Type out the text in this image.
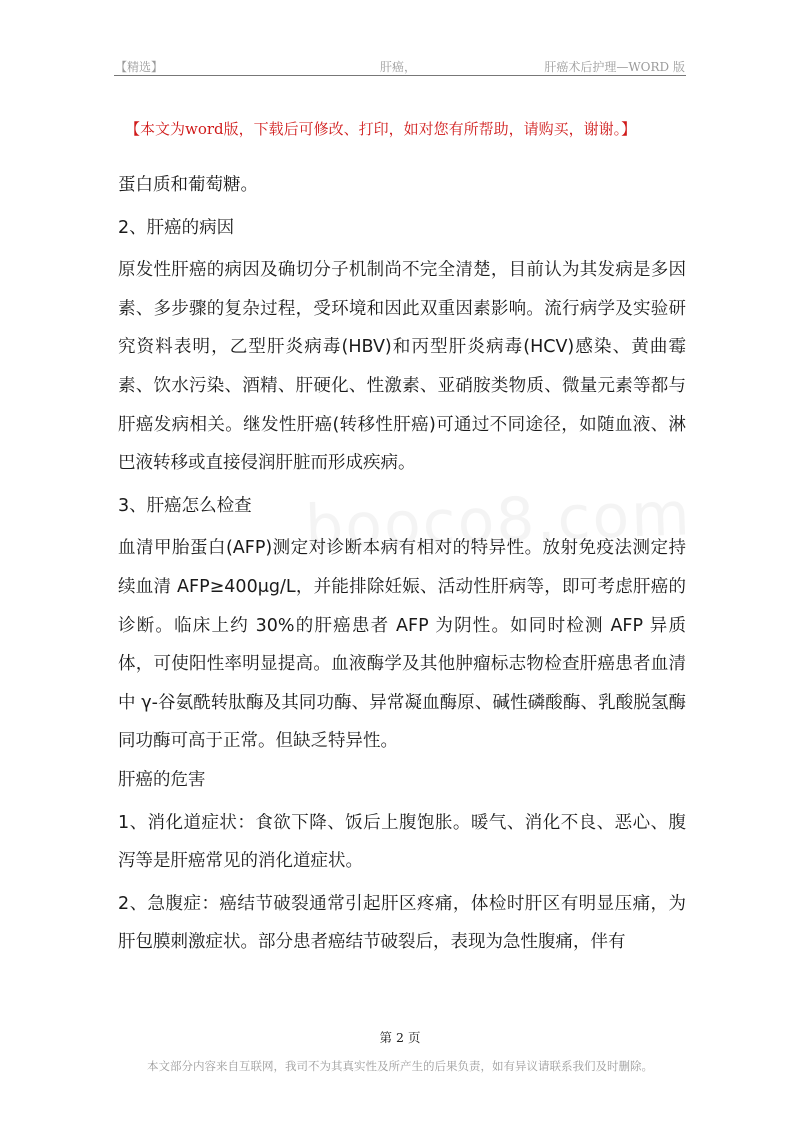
【精选】	肝癌，	肝癌术后护理—WORD 版
【本文为word版，下载后可修改、打印，如对您有所帮助，请购买，谢谢。】

蛋白质和葡萄糖。

2、肝癌的病因

原发性肝癌的病因及确切分子机制尚不完全清楚，目前认为其发病是多因素、多步骤的复杂过程，受环境和因此双重因素影响。流行病学及实验研究资料表明，乙型肝炎病毒(HBV)和丙型肝炎病毒(HCV)感染、黄曲霉素、饮水污染、酒精、肝硬化、性激素、亚硝胺类物质、微量元素等都与肝癌发病相关。继发性肝癌(转移性肝癌)可通过不同途径，如随血液、淋巴液转移或直接侵润肝脏而形成疾病。

3、肝癌怎么检查

血清甲胎蛋白(AFP)测定对诊断本病有相对的特异性。放射免疫法测定持续血清 AFP≥400μg/L，并能排除妊娠、活动性肝病等，即可考虑肝癌的诊断。临床上约 30%的肝癌患者 AFP 为阴性。如同时检测 AFP 异质体，可使阳性率明显提高。血液酶学及其他肿瘤标志物检查肝癌患者血清中 γ-谷氨酰转肽酶及其同功酶、异常凝血酶原、碱性磷酸酶、乳酸脱氢酶同功酶可高于正常。但缺乏特异性。

肝癌的危害

1、消化道症状：食欲下降、饭后上腹饱胀。暖气、消化不良、恶心、腹泻等是肝癌常见的消化道症状。

2、急腹症：癌结节破裂通常引起肝区疼痛，体检时肝区有明显压痛，为肝包膜刺激症状。部分患者癌结节破裂后，表现为急性腹痛，伴有

第 2 页
本文部分内容来自互联网，我司不为其真实性及所产生的后果负责，如有异议请联系我们及时删除。
